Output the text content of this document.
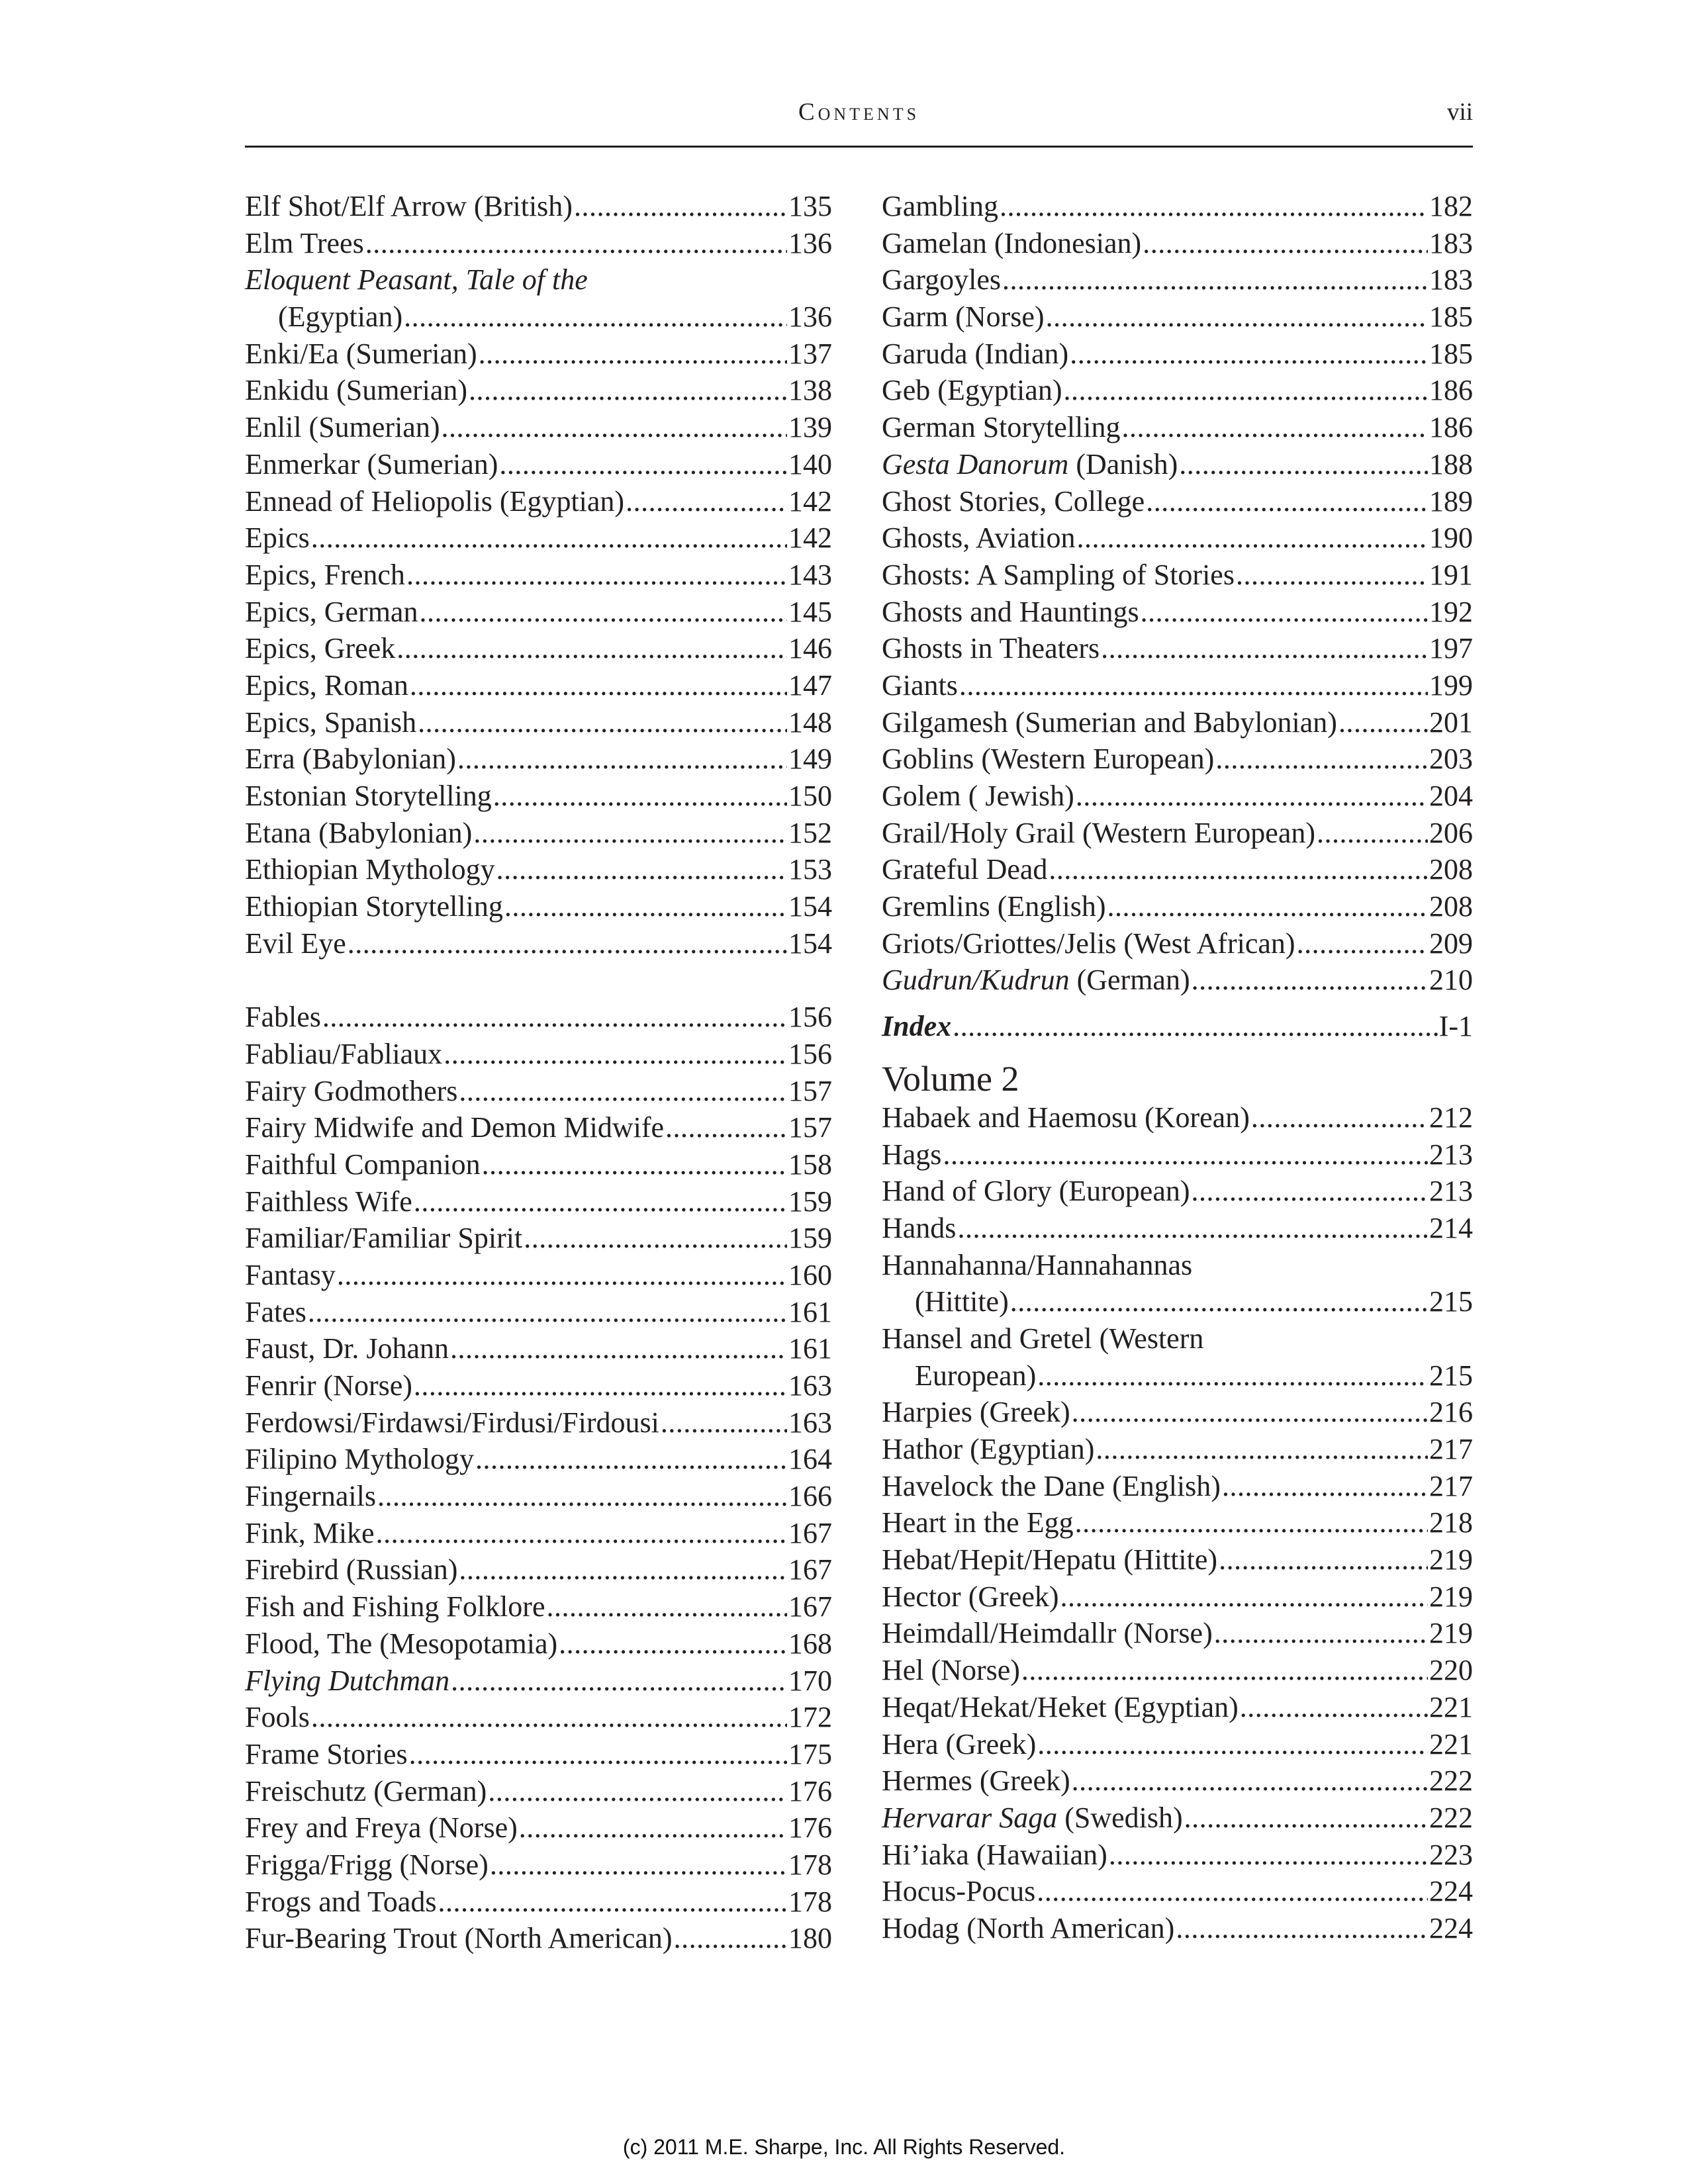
Contents	vii
Elf Shot/Elf Arrow (British) .....	135
Elm Trees .....	136
Eloquent Peasant, Tale of the
(Egyptian) .....	136
Enki/Ea (Sumerian) .....	137
Enkidu (Sumerian) .....	138
Enlil (Sumerian) .....	139
Enmerkar (Sumerian) .....	140
Ennead of Heliopolis (Egyptian) .....	142
Epics .....	142
Epics, French .....	143
Epics, German .....	145
Epics, Greek .....	146
Epics, Roman .....	147
Epics, Spanish .....	148
Erra (Babylonian) .....	149
Estonian Storytelling .....	150
Etana (Babylonian) .....	152
Ethiopian Mythology .....	153
Ethiopian Storytelling .....	154
Evil Eye .....	154
Fables .....	156
Fabliau/Fabliaux .....	156
Fairy Godmothers .....	157
Fairy Midwife and Demon Midwife .....	157
Faithful Companion .....	158
Faithless Wife .....	159
Familiar/Familiar Spirit .....	159
Fantasy .....	160
Fates .....	161
Faust, Dr. Johann .....	161
Fenrir (Norse) .....	163
Ferdowsi/Firdawsi/Firdusi/Firdousi .....	163
Filipino Mythology .....	164
Fingernails .....	166
Fink, Mike .....	167
Firebird (Russian) .....	167
Fish and Fishing Folklore .....	167
Flood, The (Mesopotamia) .....	168
Flying Dutchman .....	170
Fools .....	172
Frame Stories .....	175
Freischutz (German) .....	176
Frey and Freya (Norse) .....	176
Frigga/Frigg (Norse) .....	178
Frogs and Toads .....	178
Fur-Bearing Trout (North American) .....	180
Gambling .....	182
Gamelan (Indonesian) .....	183
Gargoyles .....	183
Garm (Norse) .....	185
Garuda (Indian) .....	185
Geb (Egyptian) .....	186
German Storytelling .....	186
Gesta Danorum (Danish) .....	188
Ghost Stories, College .....	189
Ghosts, Aviation .....	190
Ghosts: A Sampling of Stories .....	191
Ghosts and Hauntings .....	192
Ghosts in Theaters .....	197
Giants .....	199
Gilgamesh (Sumerian and Babylonian) .....	201
Goblins (Western European) .....	203
Golem ( Jewish) .....	204
Grail/Holy Grail (Western European) .....	206
Grateful Dead .....	208
Gremlins (English) .....	208
Griots/Griottes/Jelis (West African) .....	209
Gudrun/Kudrun (German) .....	210
Index .....	I-1
Volume 2
Habaek and Haemosu (Korean) .....	212
Hags .....	213
Hand of Glory (European) .....	213
Hands .....	214
Hannahanna/Hannahannas
(Hittite) .....	215
Hansel and Gretel (Western
European) .....	215
Harpies (Greek) .....	216
Hathor (Egyptian) .....	217
Havelock the Dane (English) .....	217
Heart in the Egg .....	218
Hebat/Hepit/Hepatu (Hittite) .....	219
Hector (Greek) .....	219
Heimdall/Heimdallr (Norse) .....	219
Hel (Norse) .....	220
Heqat/Hekat/Heket (Egyptian) .....	221
Hera (Greek) .....	221
Hermes (Greek) .....	222
Hervarar Saga (Swedish) .....	222
Hi’iaka (Hawaiian) .....	223
Hocus-Pocus .....	224
Hodag (North American) .....	224
(c) 2011 M.E. Sharpe, Inc. All Rights Reserved.
